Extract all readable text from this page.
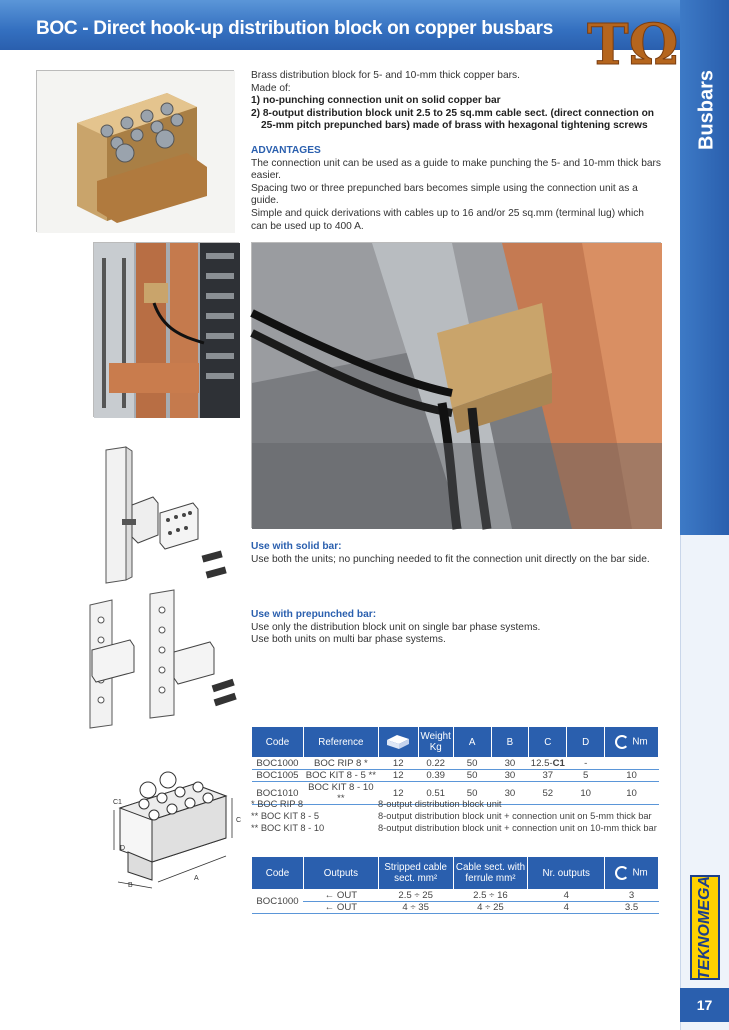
Busbars
TEKNOMEGA
17
BOC - Direct hook-up distribution block on copper busbars TΩ
Brass distribution block for 5- and 10-mm thick copper bars.
Made of:
1) no-punching connection unit on solid copper bar
2) 8-output distribution block unit 2.5 to 25 sq.mm cable sect. (direct connection on
25-mm pitch prepunched bars) made of brass with hexagonal tightening screws
ADVANTAGES
The connection unit can be used as a guide to make punching the 5- and 10-mm thick bars easier.
Spacing two or three prepunched bars becomes simple using the connection unit as a guide.
Simple and quick derivations with cables up to 16 and/or 25 sq.mm (terminal lug) which can be used up to 400 A.
Use with solid bar:
Use both the units; no punching needed to fit the connection unit directly on the bar side.
Use with prepunched bar:
Use only the distribution block unit on single bar phase systems.
Use both units on multi bar phase systems.
D
C1
B
A
C
Code	Reference		Weight
Kg	A	B	C	D	Nm
BOC1000	BOC RIP 8 *	12	0.22	50	30	12.5-C1	-	
BOC1005	BOC KIT 8 - 5 **	12	0.39	50	30	37	5	10
BOC1010	BOC KIT 8 - 10 **	12	0.51	50	30	52	10	10
* BOC RIP 8	8-output distribution block unit
** BOC KIT 8 - 5	8-output distribution block unit + connection unit on 5-mm thick bar
** BOC KIT 8 - 10	8-output distribution block unit + connection unit on 10-mm thick bar
Code	Outputs	Stripped cable
sect. mm²	Cable sect. with
ferrule mm²	Nr. outputs	Nm
BOC1000	← OUT	2.5 ÷ 25	2.5 ÷ 16	4	3
	← OUT	4 ÷ 35	4 ÷ 25	4	3.5
